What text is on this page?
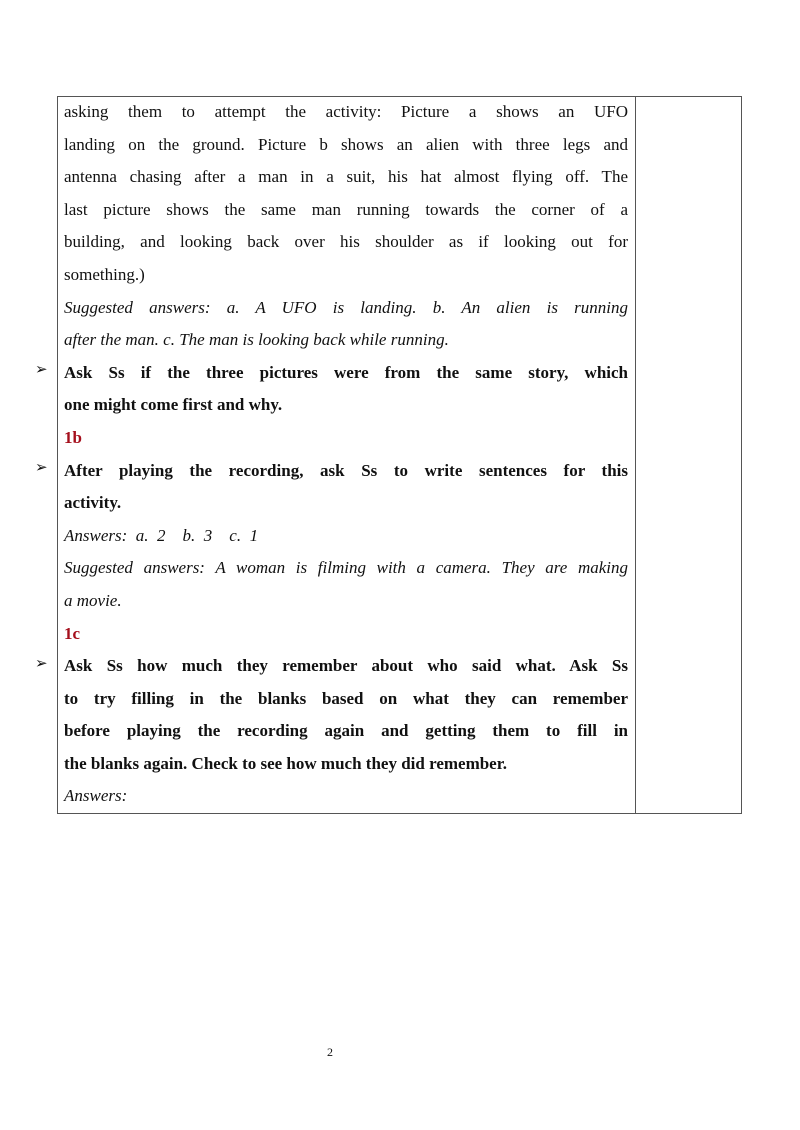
➢
➢
➢
asking them to attempt the activity: Picture a shows an UFO
landing on the ground. Picture b shows an alien with three legs and
antenna chasing after a man in a suit, his hat almost flying off. The
last picture shows the same man running towards the corner of a
building, and looking back over his shoulder as if looking out for
something.)
Suggested answers: a. A UFO is landing. b. An alien is running
after the man. c. The man is looking back while running.
Ask Ss if the three pictures were from the same story, which
one might come first and why.
1b
After playing the recording, ask Ss to write sentences for this
activity.
Answers:  a.  2    b.  3    c.  1
Suggested answers: A woman is filming with a camera. They are making
a movie.
1c
Ask Ss how much they remember about who said what. Ask Ss
to try filling in the blanks based on what they can remember
before playing the recording again and getting them to fill in
the blanks again. Check to see how much they did remember.
Answers:
2
